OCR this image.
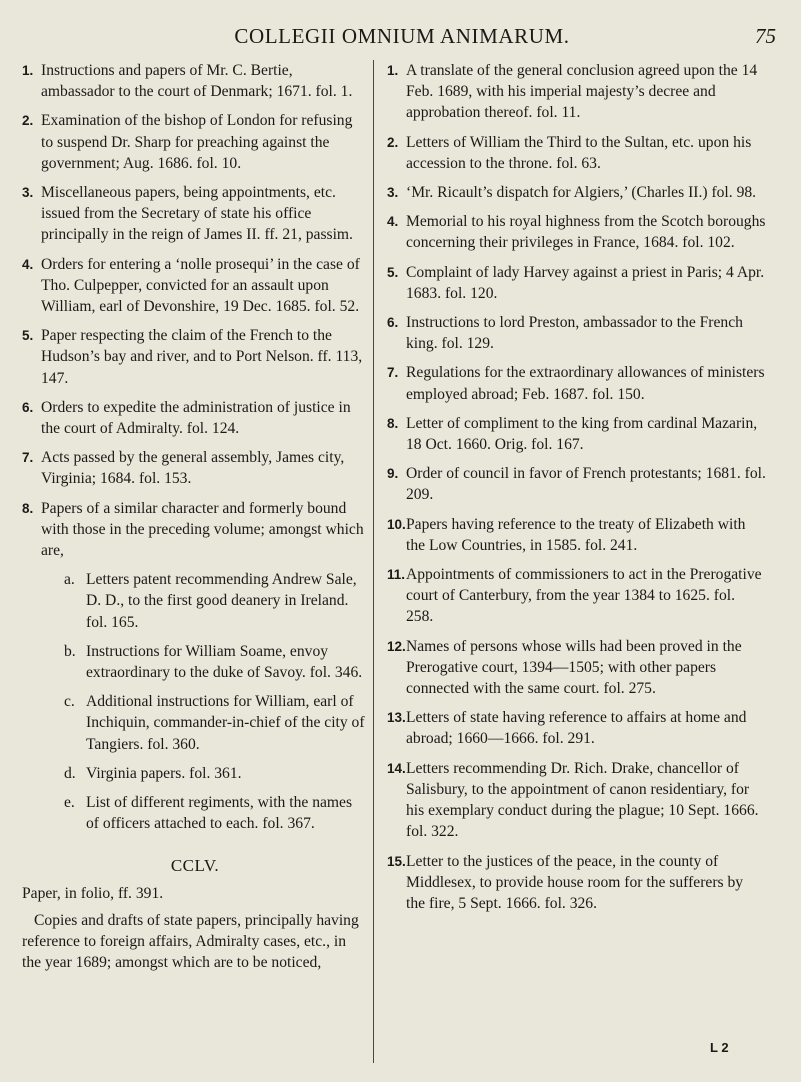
COLLEGII OMNIUM ANIMARUM.	75
1. Instructions and papers of Mr. C. Bertie, ambassador to the court of Denmark; 1671. fol. 1.
2. Examination of the bishop of London for refusing to suspend Dr. Sharp for preaching against the government; Aug. 1686. fol. 10.
3. Miscellaneous papers, being appointments, etc. issued from the Secretary of state his office principally in the reign of James II. ff. 21, passim.
4. Orders for entering a ‘nolle prosequi’ in the case of Tho. Culpepper, convicted for an assault upon William, earl of Devonshire, 19 Dec. 1685. fol. 52.
5. Paper respecting the claim of the French to the Hudson’s bay and river, and to Port Nelson. ff. 113, 147.
6. Orders to expedite the administration of justice in the court of Admiralty. fol. 124.
7. Acts passed by the general assembly, James city, Virginia; 1684. fol. 153.
8. Papers of a similar character and formerly bound with those in the preceding volume; amongst which are,
a. Letters patent recommending Andrew Sale, D. D., to the first good deanery in Ireland. fol. 165.
b. Instructions for William Soame, envoy extraordinary to the duke of Savoy. fol. 346.
c. Additional instructions for William, earl of Inchiquin, commander-in-chief of the city of Tangiers. fol. 360.
d. Virginia papers. fol. 361.
e. List of different regiments, with the names of officers attached to each. fol. 367.
CCLV.
Paper, in folio, ff. 391.

Copies and drafts of state papers, principally having reference to foreign affairs, Admiralty cases, etc., in the year 1689; amongst which are to be noticed,

1. A translate of the general conclusion agreed upon the 14 Feb. 1689, with his imperial majesty’s decree and approbation thereof. fol. 11.
2. Letters of William the Third to the Sultan, etc. upon his accession to the throne. fol. 63.
3. ‘Mr. Ricault’s dispatch for Algiers,’ (Charles II.) fol. 98.
4. Memorial to his royal highness from the Scotch boroughs concerning their privileges in France, 1684. fol. 102.
5. Complaint of lady Harvey against a priest in Paris; 4 Apr. 1683. fol. 120.
6. Instructions to lord Preston, ambassador to the French king. fol. 129.
7. Regulations for the extraordinary allowances of ministers employed abroad; Feb. 1687. fol. 150.
8. Letter of compliment to the king from cardinal Mazarin, 18 Oct. 1660. Orig. fol. 167.
9. Order of council in favor of French protestants; 1681. fol. 209.
10. Papers having reference to the treaty of Elizabeth with the Low Countries, in 1585. fol. 241.
11. Appointments of commissioners to act in the Prerogative court of Canterbury, from the year 1384 to 1625. fol. 258.
12. Names of persons whose wills had been proved in the Prerogative court, 1394—1505; with other papers connected with the same court. fol. 275.
13. Letters of state having reference to affairs at home and abroad; 1660—1666. fol. 291.
14. Letters recommending Dr. Rich. Drake, chancellor of Salisbury, to the appointment of canon residentiary, for his exemplary conduct during the plague; 10 Sept. 1666. fol. 322.
15. Letter to the justices of the peace, in the county of Middlesex, to provide house room for the sufferers by the fire, 5 Sept. 1666. fol. 326.
L 2
